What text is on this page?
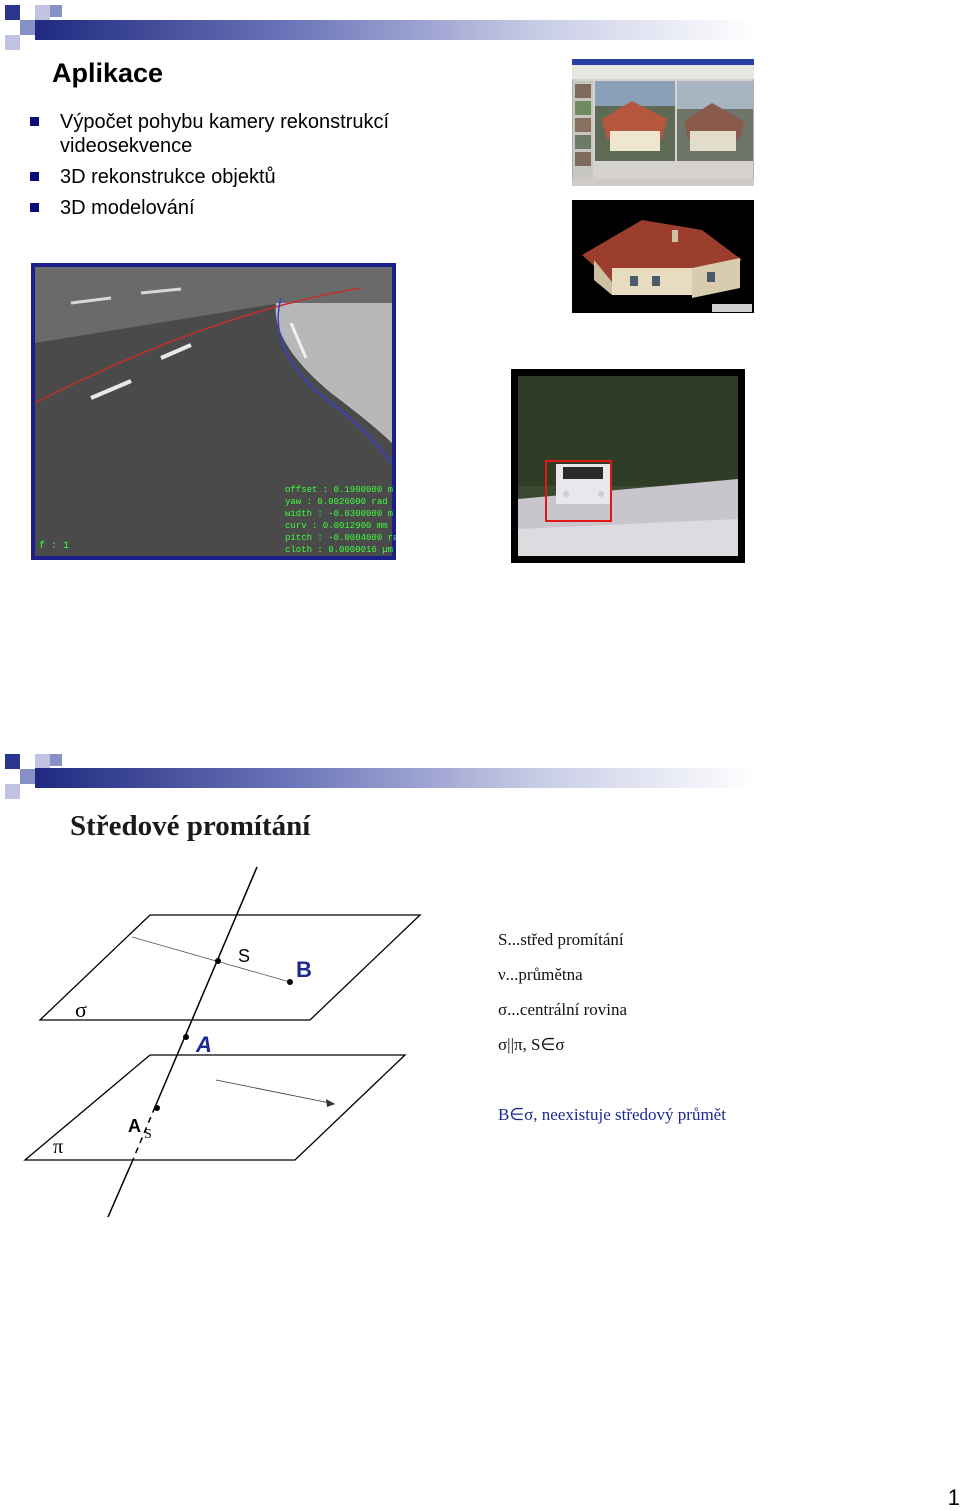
Aplikace
Výpočet pohybu kamery rekonstrukcí videosekvence
3D rekonstrukce objektů
3D modelování
f : 1
offset : 0.1900000 m
yaw : 0.0026000 rad
width : -0.0300000 m
curv : 0.0012900 mm
pitch : -0.0004000 rad
cloth : 0.0000016 µm
Středové promítání
S
B
A
A S
σ
π
S...střed promítání
ν...průmětna
σ...centrální rovina
σ||π, S∈σ
B∈σ, neexistuje středový průmět
1
